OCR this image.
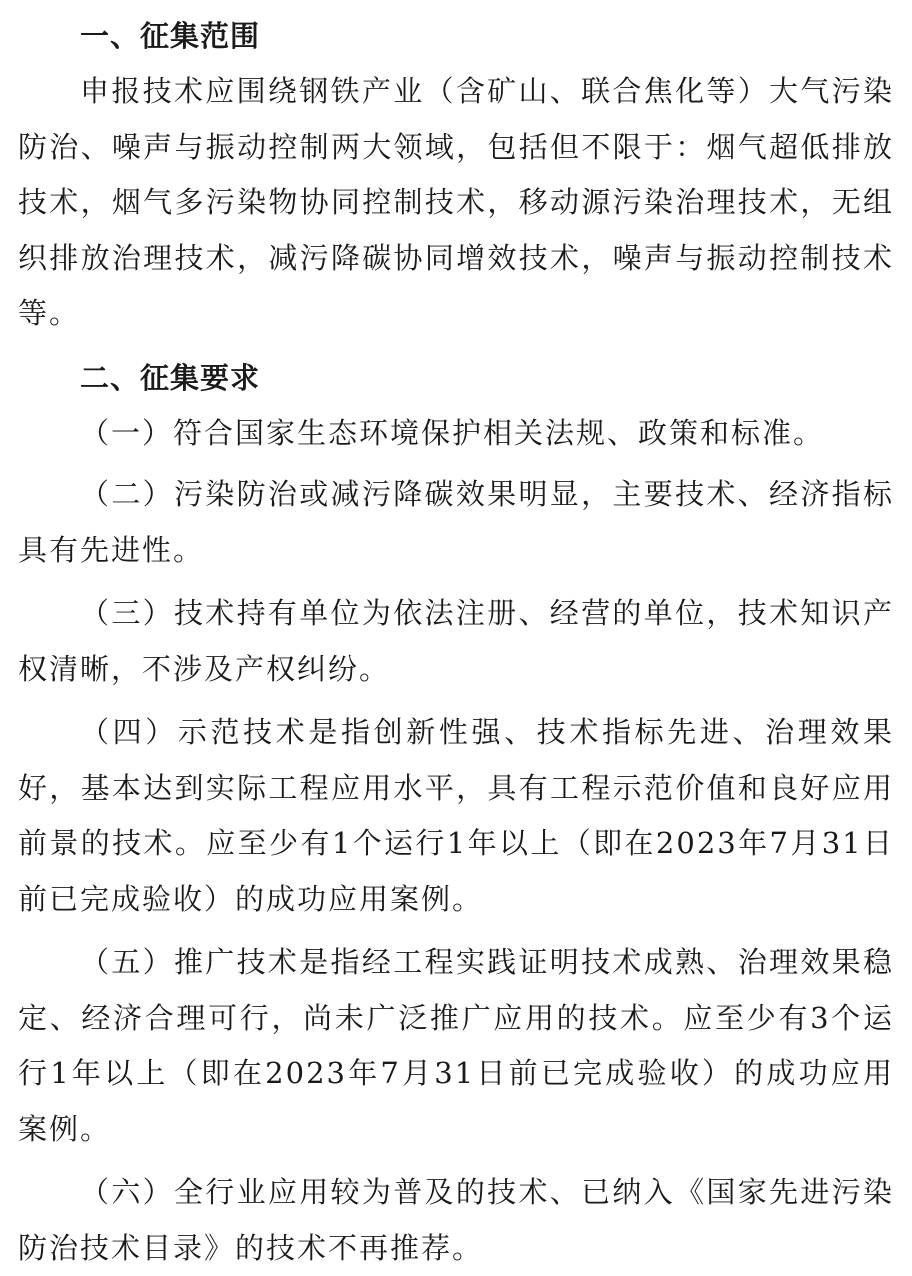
一、征集范围

申报技术应围绕钢铁产业（含矿山、联合焦化等）大气污染防治、噪声与振动控制两大领域，包括但不限于：烟气超低排放技术，烟气多污染物协同控制技术，移动源污染治理技术，无组织排放治理技术，减污降碳协同增效技术，噪声与振动控制技术等。

二、征集要求

（一）符合国家生态环境保护相关法规、政策和标准。

（二）污染防治或减污降碳效果明显，主要技术、经济指标具有先进性。

（三）技术持有单位为依法注册、经营的单位，技术知识产权清晰，不涉及产权纠纷。

（四）示范技术是指创新性强、技术指标先进、治理效果好，基本达到实际工程应用水平，具有工程示范价值和良好应用前景的技术。应至少有1个运行1年以上（即在2023年7月31日前已完成验收）的成功应用案例。

（五）推广技术是指经工程实践证明技术成熟、治理效果稳定、经济合理可行，尚未广泛推广应用的技术。应至少有3个运行1年以上（即在2023年7月31日前已完成验收）的成功应用案例。

（六）全行业应用较为普及的技术、已纳入《国家先进污染防治技术目录》的技术不再推荐。
